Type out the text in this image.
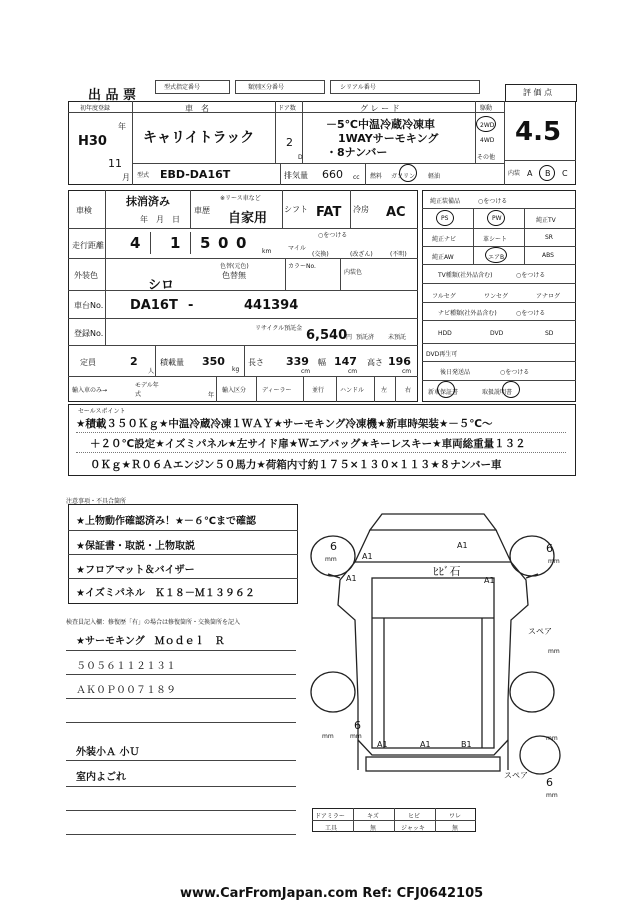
出 品 票
型式指定番号	類別区分番号	シリアル番号
評 価 点
初年度登録
H30
年
11
月
車　名
キャリイトラック
ドア数
2
D
グ レ ー ド
－5℃中温冷蔵冷凍車
1WAYサーモキング
・8ナンバー
駆動
2WD
4WD
その他
4.5
型式 EBD-DA16T	排気量 660 cc 燃料 ガソリン 軽油	内装 A B C
車検
抹消済み
年　月　日
車歴
※リース車など
自家用
シフト FAT 冷房 AC
走行距離 4 1 5 0 0	km
○をつける
マイル
(交換)	(改ざん)	(不明)
外装色
シロ
色替(元色)
色替無
カラーNo.
内装色
車台No. DA16T -	441394
登録No.
リサイクル預託金 6,540
円 預託済 未預託
定員	2
人
積載量 350
kg
長さ 339
cm
幅 147
cm
高さ 196
cm
輸入車のみ→
モデル年式	年
輸入区分	ディーラー	並行	ハンドル	左	右
純正装備品	○をつける
PS	PW	純正TV
純正ナビ	革シート	SR
純正AW	エアB	ABS
TV種類(社外品含む)	○をつける
フルセグ	ワンセグ	アナログ
ナビ種類(社外品含む)	○をつける
HDD	DVD	SD
DVD再生可
後日発送品	○をつける
新車保証書	取扱説明書
セールスポイント
★積載３５０Ｋｇ★中温冷蔵冷凍１ＷＡＹ★サーモキング冷凍機★新車時架装★－５℃～
＋２０℃設定★イズミパネル★左サイド扉★Ｗエアバッグ★キーレスキー★車両総重量１３２
０Ｋｇ★Ｒ０６Ａエンジン５０馬力★荷箱内寸約１７５×１３０×１１３★８ナンバー車
注意事項・不具合箇所
★上物動作確認済み！★－６℃まで確認
★保証書・取説・上物取説
★フロアマット＆バイザー
★イズミパネル　Ｋ１８－Ｍ１３９６２
検査員記入欄：修復歴「有」の場合は修復箇所・交換箇所を記入
★サーモキング　Ｍｏｄｅｌ　Ｒ
５０５６１１２１３１
ＡＫ０Ｐ００７１８９
外装小Ａ 小Ｕ
室内よごれ
A1
A1
A1
A1
ﾋﾋﾞ石
A1
A1	B1
6
mm
6
mm
6
mm
mm
6
mm
mm
mm
スペア
スペア
ドアミラー	キズ	ヒビ	ワレ
工具	無	ジャッキ	無
www.CarFromJapan.com Ref: CFJ0642105
